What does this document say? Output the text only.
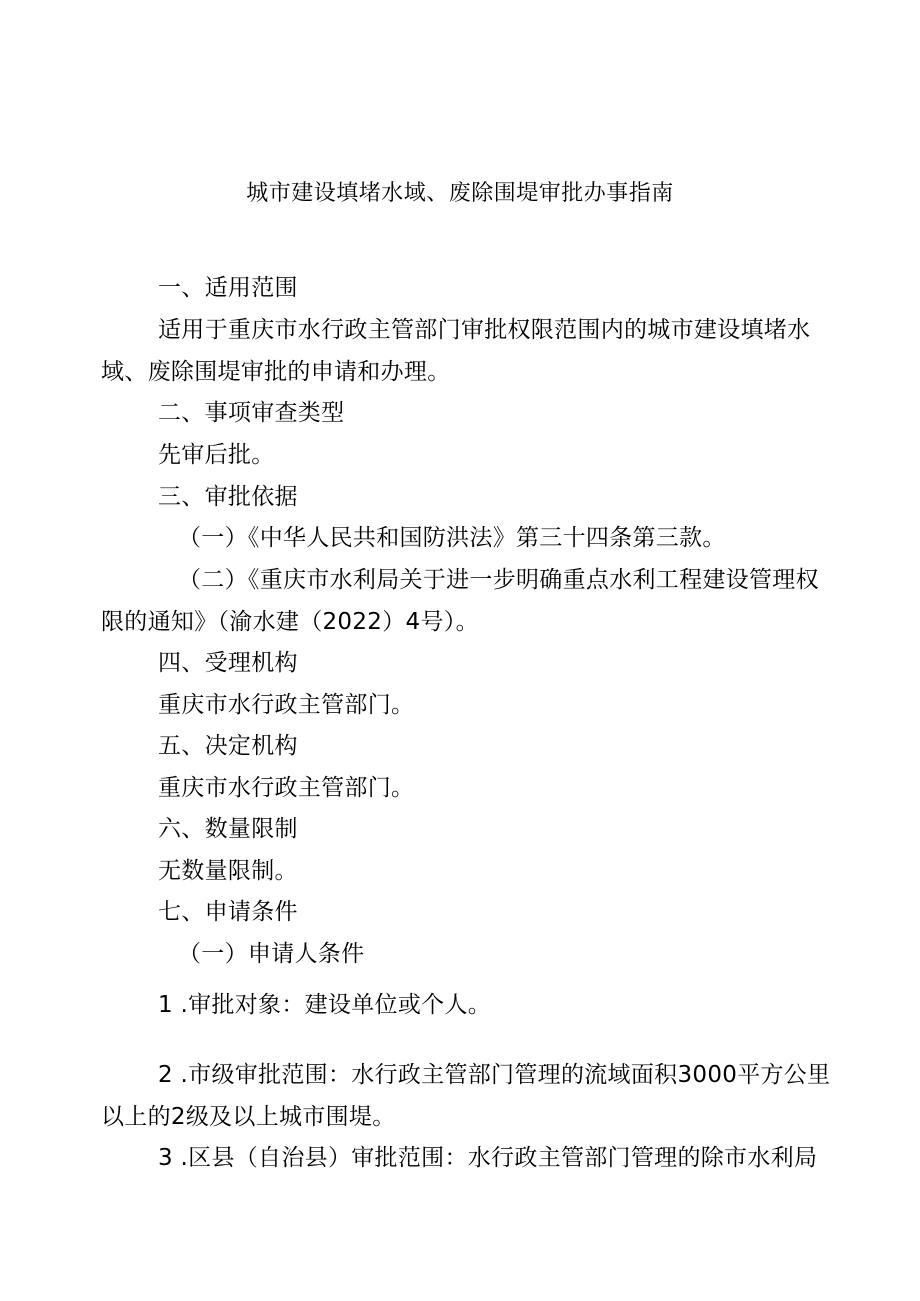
城市建设填堵水域、废除围堤审批办事指南
一、适用范围
适用于重庆市水行政主管部门审批权限范围内的城市建设填堵水
域、废除围堤审批的申请和办理。
二、事项审查类型
先审后批。
三、审批依据
（一）《中华人民共和国防洪法》第三十四条第三款。
（二）《重庆市水利局关于进一步明确重点水利工程建设管理权
限的通知》（渝水建（2022）4号）。
四、受理机构
重庆市水行政主管部门。
五、决定机构
重庆市水行政主管部门。
六、数量限制
无数量限制。
七、申请条件
（一）申请人条件
1 .审批对象：建设单位或个人。
2 .市级审批范围：水行政主管部门管理的流域面积3000平方公里
以上的2级及以上城市围堤。
3 .区县（自治县）审批范围：水行政主管部门管理的除市水利局
